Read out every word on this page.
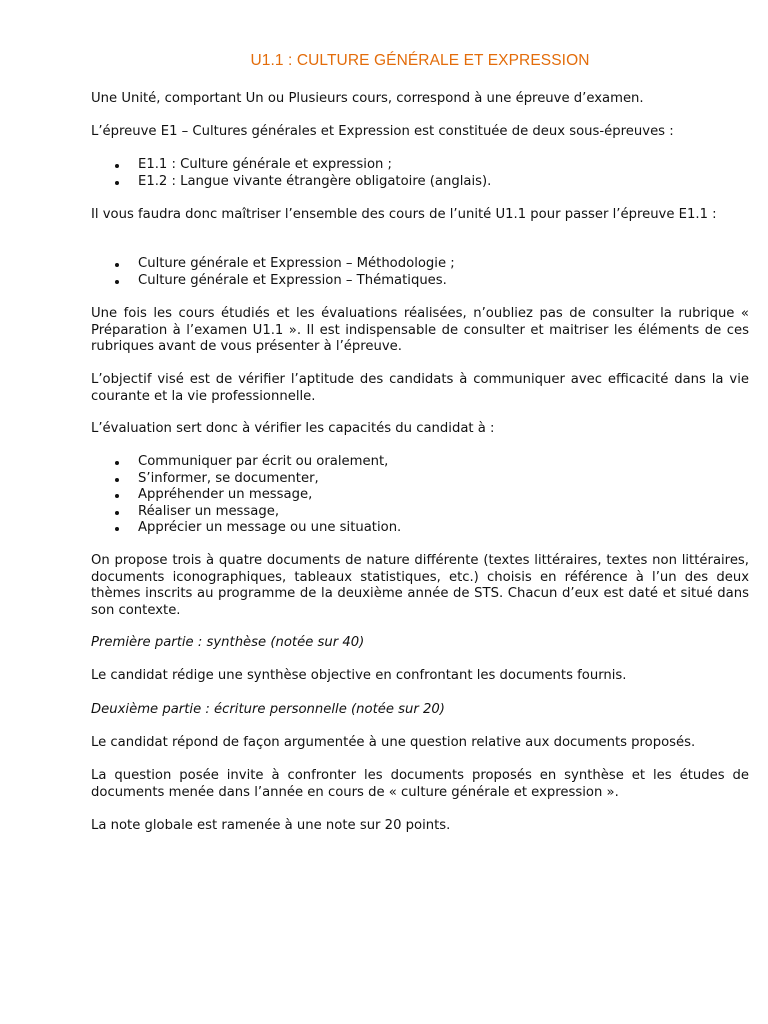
U1.1 : CULTURE GÉNÉRALE ET EXPRESSION

Une Unité, comportant Un ou Plusieurs cours, correspond à une épreuve d’examen.

L’épreuve E1 – Cultures générales et Expression est constituée de deux sous-épreuves :

E1.1 : Culture générale et expression ;

E1.2 : Langue vivante étrangère obligatoire (anglais).

Il vous faudra donc maîtriser l’ensemble des cours de l’unité U1.1 pour passer l’épreuve E1.1 :

Culture générale et Expression – Méthodologie ;

Culture générale et Expression – Thématiques.

Une fois les cours étudiés et les évaluations réalisées, n’oubliez pas de consulter la rubrique « Préparation à l’examen U1.1 ». Il est indispensable de consulter et maitriser les éléments de ces rubriques avant de vous présenter à l’épreuve.

L’objectif visé est de vérifier l’aptitude des candidats à communiquer avec efficacité dans la vie courante et la vie professionnelle.

L’évaluation sert donc à vérifier les capacités du candidat à :

Communiquer par écrit ou oralement,

S’informer, se documenter,

Appréhender un message,

Réaliser un message,

Apprécier un message ou une situation.

On propose trois à quatre documents de nature différente (textes littéraires, textes non littéraires, documents iconographiques, tableaux statistiques, etc.) choisis en référence à l’un des deux thèmes inscrits au programme de la deuxième année de STS. Chacun d’eux est daté et situé dans son contexte.

Première partie : synthèse (notée sur 40)

Le candidat rédige une synthèse objective en confrontant les documents fournis.

Deuxième partie : écriture personnelle (notée sur 20)

Le candidat répond de façon argumentée à une question relative aux documents proposés.

La question posée invite à confronter les documents proposés en synthèse et les études de documents menée dans l’année en cours de « culture générale et expression ».

La note globale est ramenée à une note sur 20 points.
